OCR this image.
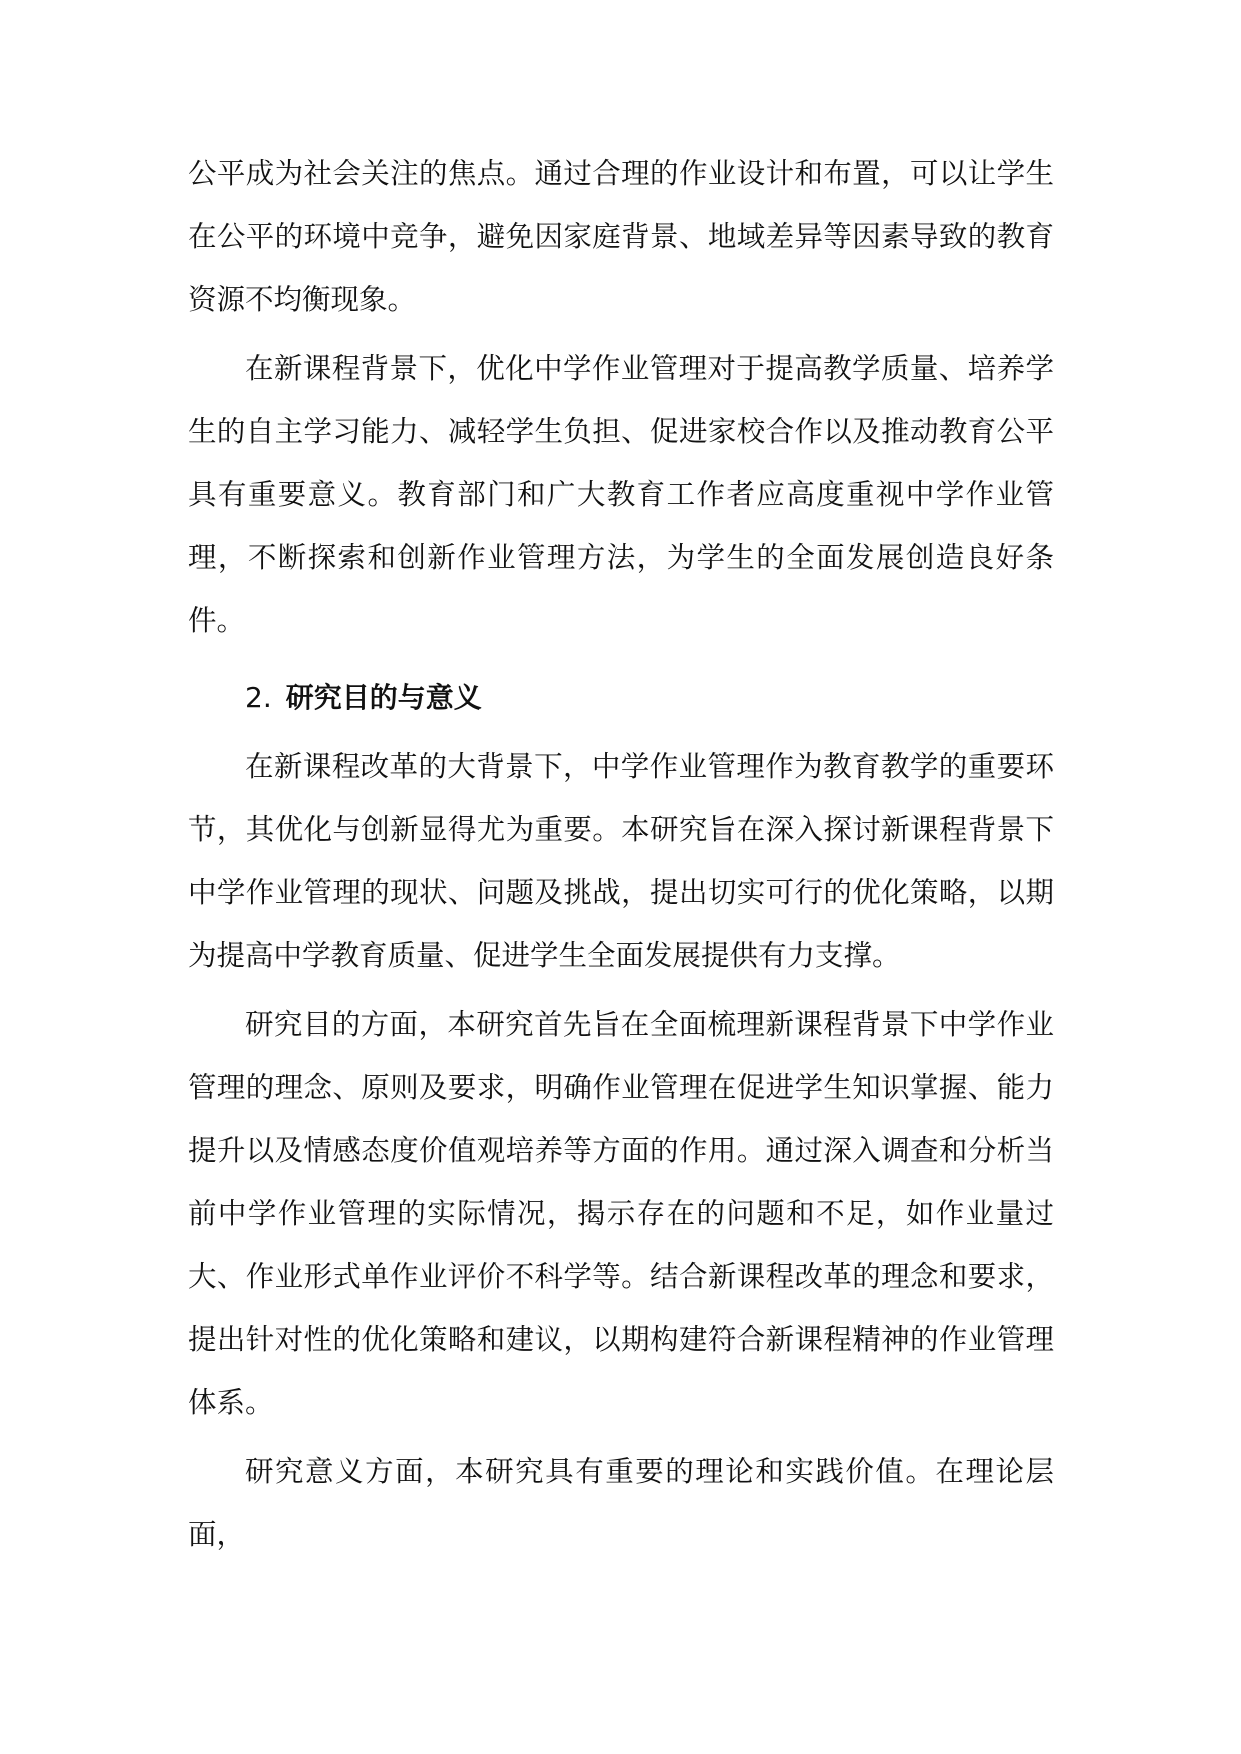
公平成为社会关注的焦点。通过合理的作业设计和布置，可以让学生在公平的环境中竞争，避免因家庭背景、地域差异等因素导致的教育资源不均衡现象。

在新课程背景下，优化中学作业管理对于提高教学质量、培养学生的自主学习能力、减轻学生负担、促进家校合作以及推动教育公平具有重要意义。教育部门和广大教育工作者应高度重视中学作业管理，不断探索和创新作业管理方法，为学生的全面发展创造良好条件。

2. 研究目的与意义

在新课程改革的大背景下，中学作业管理作为教育教学的重要环节，其优化与创新显得尤为重要。本研究旨在深入探讨新课程背景下中学作业管理的现状、问题及挑战，提出切实可行的优化策略，以期为提高中学教育质量、促进学生全面发展提供有力支撑。

研究目的方面，本研究首先旨在全面梳理新课程背景下中学作业管理的理念、原则及要求，明确作业管理在促进学生知识掌握、能力提升以及情感态度价值观培养等方面的作用。通过深入调查和分析当前中学作业管理的实际情况，揭示存在的问题和不足，如作业量过大、作业形式单作业评价不科学等。结合新课程改革的理念和要求，提出针对性的优化策略和建议，以期构建符合新课程精神的作业管理体系。

研究意义方面，本研究具有重要的理论和实践价值。在理论层面，
